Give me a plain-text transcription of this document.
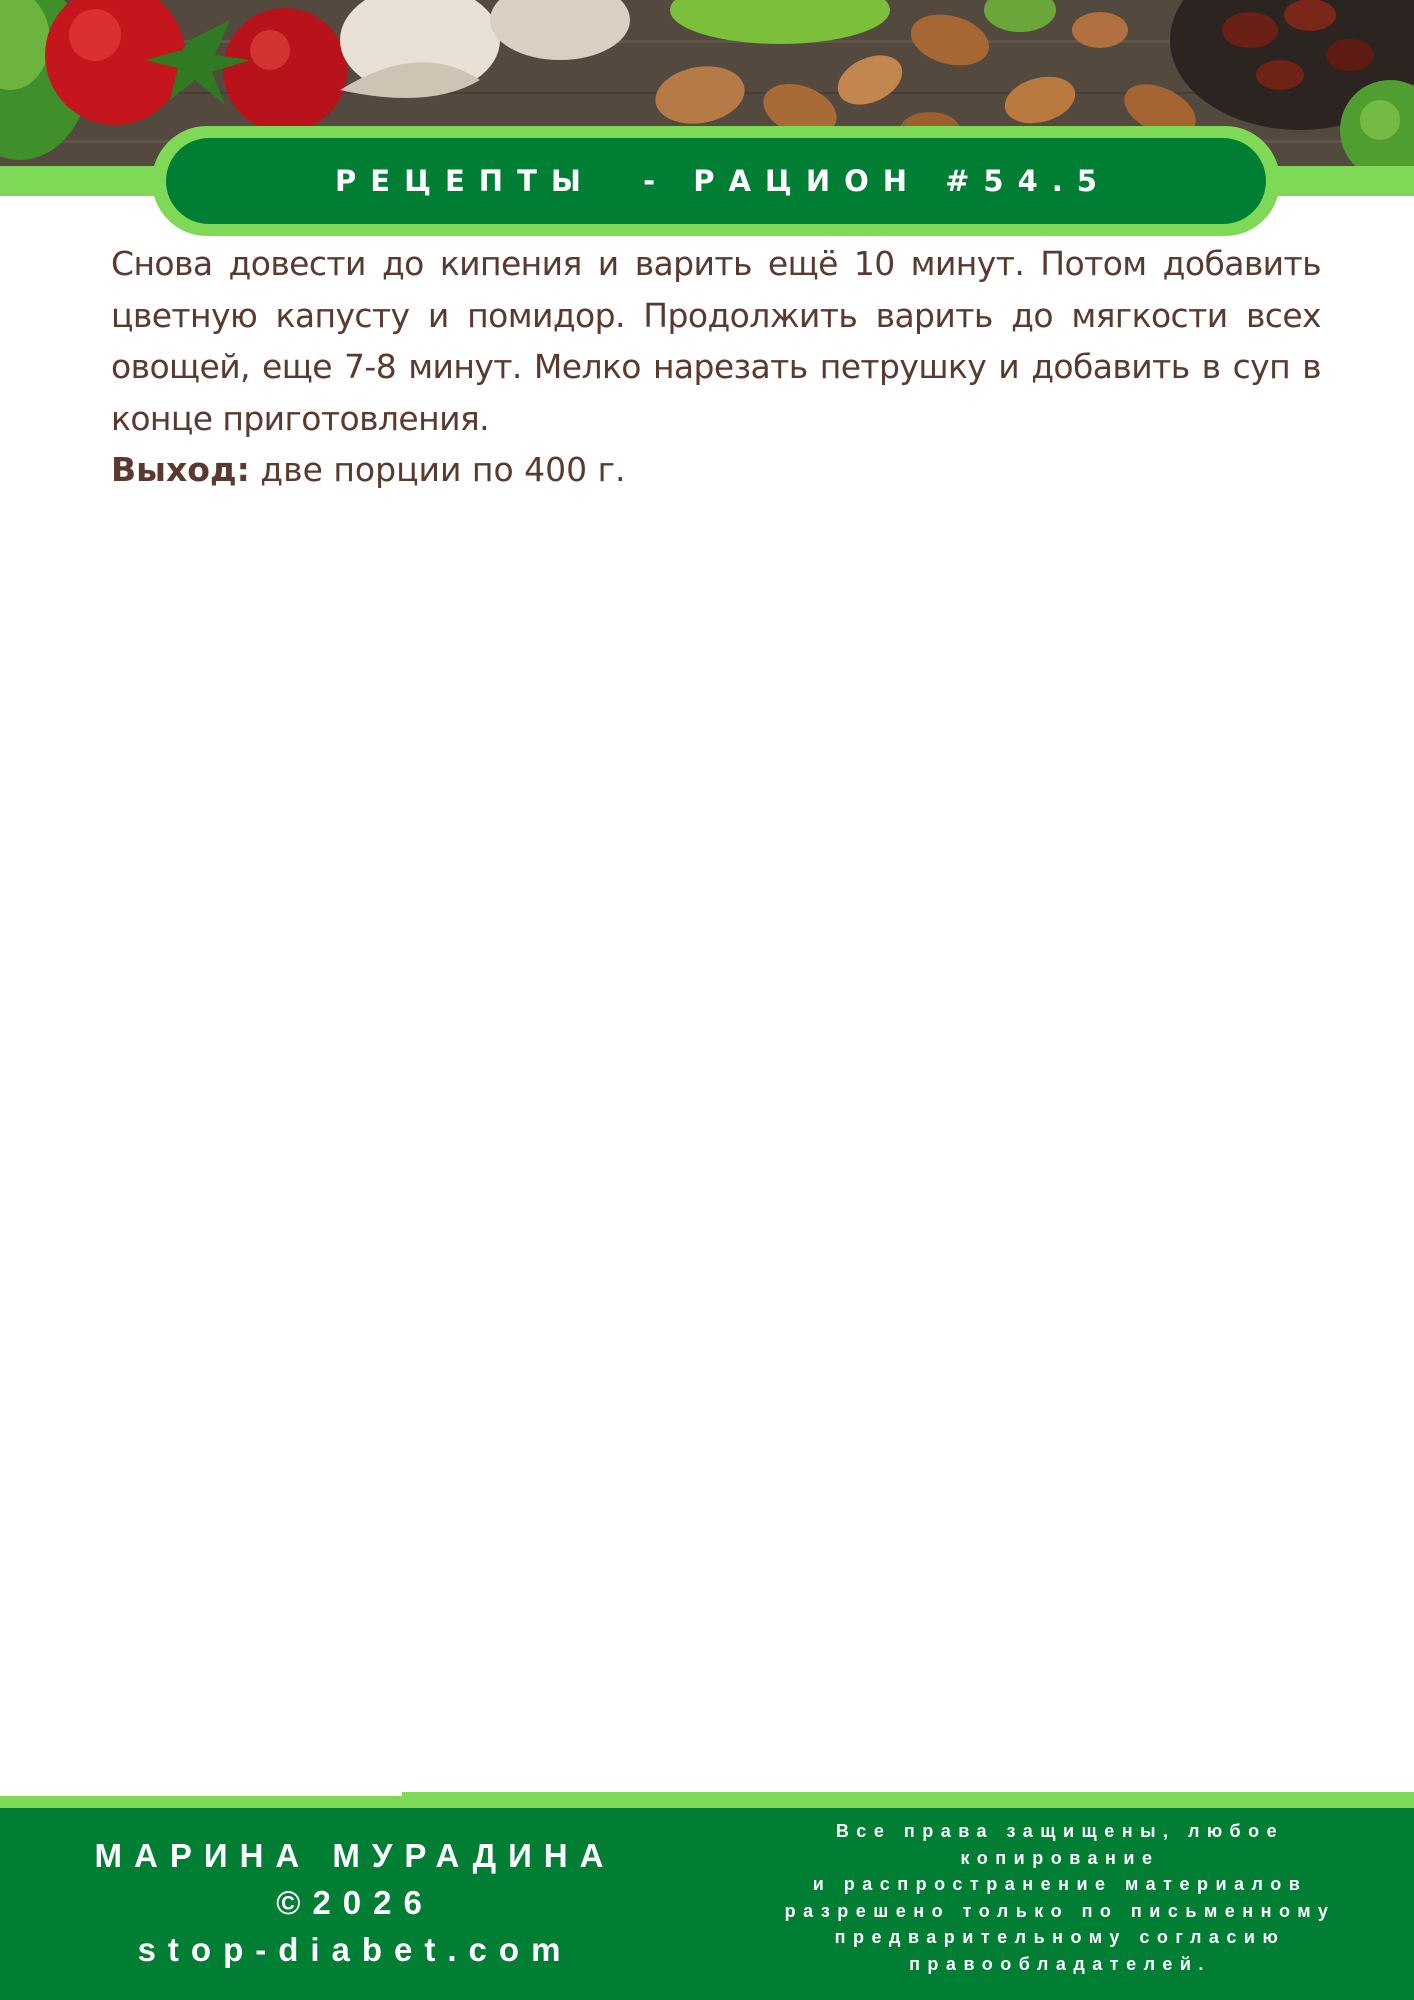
РЕЦЕПТЫ  - РАЦИОН #54.5

Снова довести до кипения и варить ещё 10 минут. Потом добавить цветную капусту и помидор. Продолжить варить до мягкости всех овощей, еще 7-8 минут. Мелко нарезать петрушку и добавить в суп в конце приготовления.

Выход: две порции по 400 г.
МАРИНА МУРАДИНА
©2026
stop-diabet.com
Все права защищены, любое
копирование
и распространение материалов
разрешено только по письменному
предварительному согласию
правообладателей.
